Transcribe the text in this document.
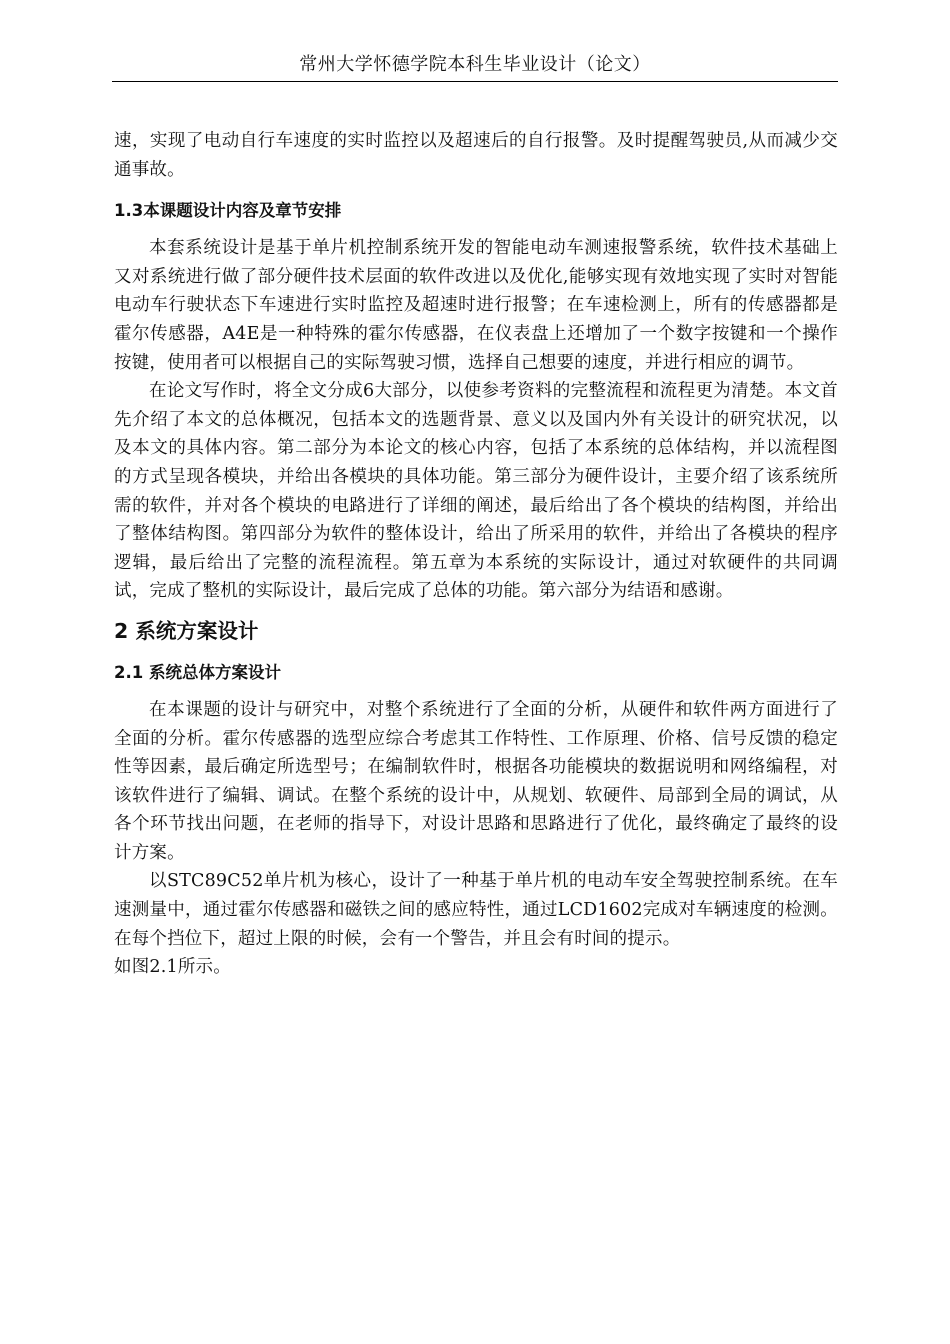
常州大学怀德学院本科生毕业设计（论文）

速，实现了电动自行车速度的实时监控以及超速后的自行报警。及时提醒驾驶员,从而减少交通事故。

1.3本课题设计内容及章节安排

本套系统设计是基于单片机控制系统开发的智能电动车测速报警系统，软件技术基础上又对系统进行做了部分硬件技术层面的软件改进以及优化,能够实现有效地实现了实时对智能电动车行驶状态下车速进行实时监控及超速时进行报警；在车速检测上，所有的传感器都是霍尔传感器，A4E是一种特殊的霍尔传感器，在仪表盘上还增加了一个数字按键和一个操作按键，使用者可以根据自己的实际驾驶习惯，选择自己想要的速度，并进行相应的调节。

在论文写作时，将全文分成6大部分，以使参考资料的完整流程和流程更为清楚。本文首先介绍了本文的总体概况，包括本文的选题背景、意义以及国内外有关设计的研究状况，以及本文的具体内容。第二部分为本论文的核心内容，包括了本系统的总体结构，并以流程图的方式呈现各模块，并给出各模块的具体功能。第三部分为硬件设计，主要介绍了该系统所需的软件，并对各个模块的电路进行了详细的阐述，最后给出了各个模块的结构图，并给出了整体结构图。第四部分为软件的整体设计，给出了所采用的软件，并给出了各模块的程序逻辑，最后给出了完整的流程流程。第五章为本系统的实际设计，通过对软硬件的共同调试，完成了整机的实际设计，最后完成了总体的功能。第六部分为结语和感谢。

2 系统方案设计
2.1 系统总体方案设计

在本课题的设计与研究中，对整个系统进行了全面的分析，从硬件和软件两方面进行了全面的分析。霍尔传感器的选型应综合考虑其工作特性、工作原理、价格、信号反馈的稳定性等因素，最后确定所选型号；在编制软件时，根据各功能模块的数据说明和网络编程，对该软件进行了编辑、调试。在整个系统的设计中，从规划、软硬件、局部到全局的调试，从各个环节找出问题，在老师的指导下，对设计思路和思路进行了优化，最终确定了最终的设计方案。

以STC89C52单片机为核心，设计了一种基于单片机的电动车安全驾驶控制系统。在车速测量中，通过霍尔传感器和磁铁之间的感应特性，通过LCD1602完成对车辆速度的检测。在每个挡位下，超过上限的时候，会有一个警告，并且会有时间的提示。

如图2.1所示。
